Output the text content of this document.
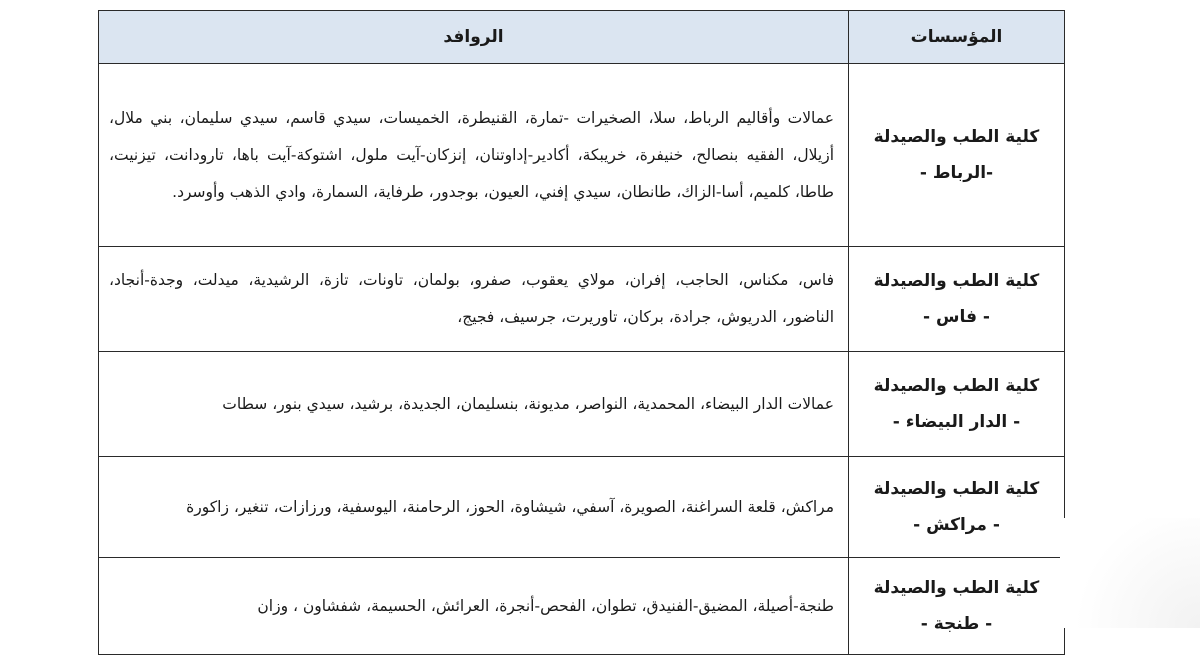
المؤسسات	الروافد

كلية الطب والصيدلة
-الرباط -	عمالات وأقاليم الرباط، سلا، الصخيرات -تمارة، القنيطرة، الخميسات، سيدي قاسم، سيدي سليمان، بني ملال، أزيلال، الفقيه بنصالح، خنيفرة، خريبكة، أكادير-إداوتنان، إنزكان-آيت ملول، اشتوكة-آيت باها، تارودانت، تيزنيت، طاطا، كلميم، أسا-الزاك، طانطان، سيدي إفني، العيون، بوجدور، طرفاية، السمارة، وادي الذهب وأوسرد.

كلية الطب والصيدلة
- فاس -	فاس، مكناس، الحاجب، إفران، مولاي يعقوب، صفرو، بولمان، تاونات، تازة، الرشيدية، ميدلت، وجدة-أنجاد، الناضور، الدريوش، جرادة، بركان، تاوريرت، جرسيف، فجيج،

كلية الطب والصيدلة
- الدار البيضاء -	عمالات الدار البيضاء، المحمدية، النواصر، مديونة، بنسليمان، الجديدة، برشيد، سيدي بنور، سطات

كلية الطب والصيدلة
- مراكش -	مراكش، قلعة السراغنة، الصويرة، آسفي، شيشاوة، الحوز، الرحامنة، اليوسفية، ورزازات، تنغير، زاكورة

كلية الطب والصيدلة
- طنجة -	طنجة-أصيلة، المضيق-الفنيدق، تطوان، الفحص-أنجرة، العرائش، الحسيمة، شفشاون ، وزان
